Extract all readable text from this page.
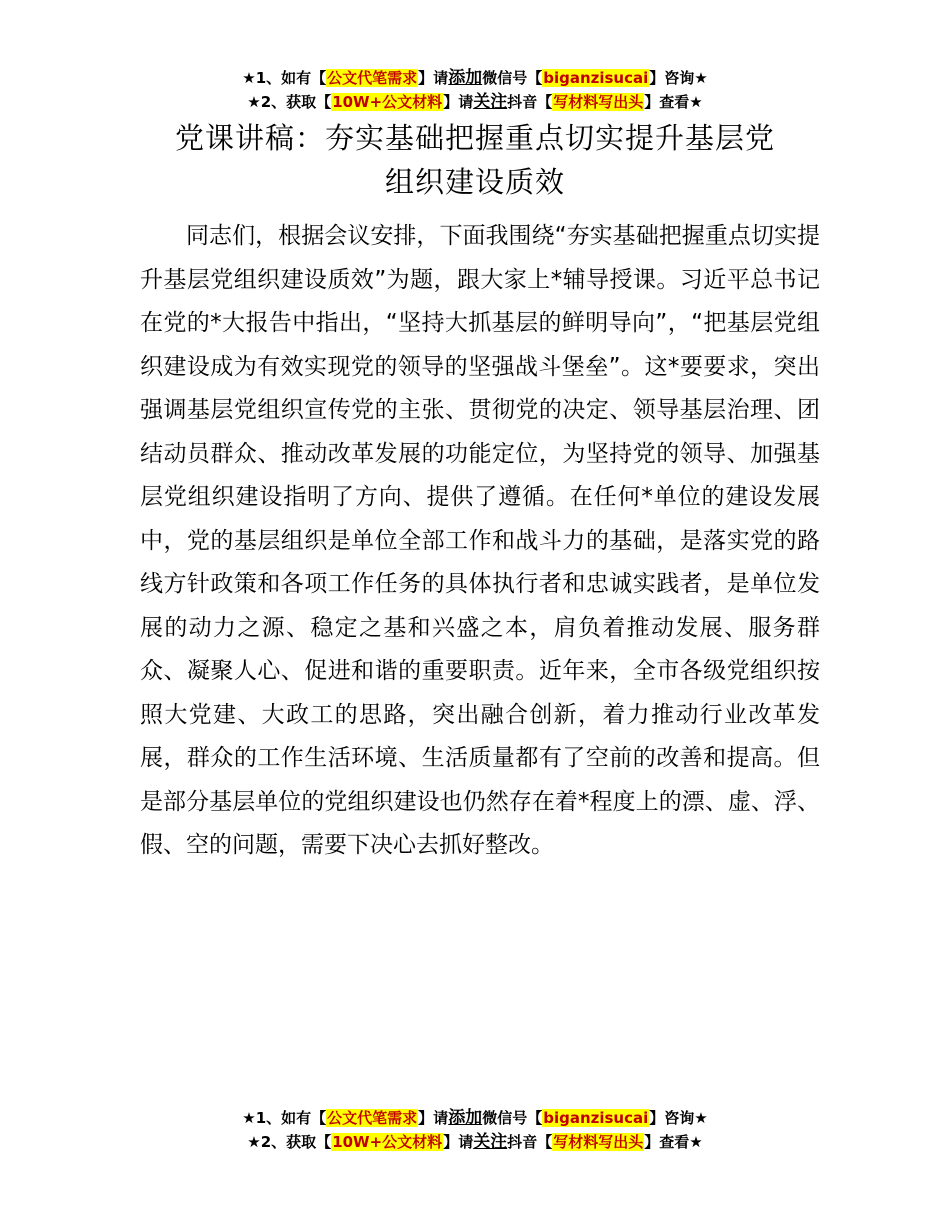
★1、如有【公文代笔需求】请添加微信号【biganzisucai】咨询★
★2、获取【10W+公文材料】请关注抖音【写材料写出头】查看★
党课讲稿：夯实基础把握重点切实提升基层党
组织建设质效

同志们，根据会议安排，下面我围绕“夯实基础把握重点切实提升基层党组织建设质效”为题，跟大家上*辅导授课。习近平总书记在党的*大报告中指出，“坚持大抓基层的鲜明导向”，“把基层党组织建设成为有效实现党的领导的坚强战斗堡垒”。这*要要求，突出强调基层党组织宣传党的主张、贯彻党的决定、领导基层治理、团结动员群众、推动改革发展的功能定位，为坚持党的领导、加强基层党组织建设指明了方向、提供了遵循。在任何*单位的建设发展中，党的基层组织是单位全部工作和战斗力的基础，是落实党的路线方针政策和各项工作任务的具体执行者和忠诚实践者，是单位发展的动力之源、稳定之基和兴盛之本，肩负着推动发展、服务群众、凝聚人心、促进和谐的重要职责。近年来，全市各级党组织按照大党建、大政工的思路，突出融合创新，着力推动行业改革发展，群众的工作生活环境、生活质量都有了空前的改善和提高。但是部分基层单位的党组织建设也仍然存在着*程度上的漂、虚、浮、假、空的问题，需要下决心去抓好整改。

★1、如有【公文代笔需求】请添加微信号【biganzisucai】咨询★
★2、获取【10W+公文材料】请关注抖音【写材料写出头】查看★
